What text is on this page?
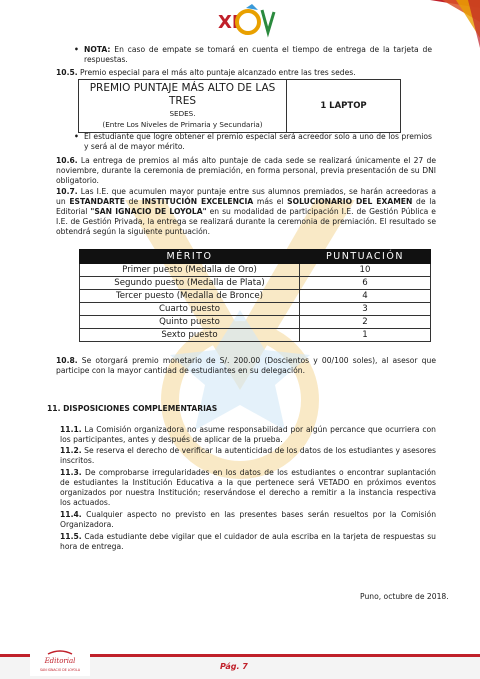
XI
• NOTA: En caso de empate se tomará en cuenta el tiempo de entrega de la tarjeta de respuestas.
10.5. Premio especial para el más alto puntaje alcanzado entre las tres sedes.
PREMIO PUNTAJE MÁS ALTO DE LAS TRES
SEDES.
(Entre Los Niveles de Primaria y Secundaria)
	1 LAPTOP
• El estudiante que logre obtener el premio especial será acreedor solo a uno de los premios y será al de mayor mérito.
10.6. La entrega de premios al más alto puntaje de cada sede se realizará únicamente el 27 de noviembre, durante la ceremonia de premiación, en forma personal, previa presentación de su DNI obligatorio.
10.7. Las I.E. que acumulen mayor puntaje entre sus alumnos premiados, se harán acreedoras a un ESTANDARTE de INSTITUCIÓN EXCELENCIA más el SOLUCIONARIO DEL EXAMEN de la Editorial "SAN IGNACIO DE LOYOLA" en su modalidad de participación I.E. de Gestión Pública e I.E. de Gestión Privada, la entrega se realizará durante la ceremonia de premiación. El resultado se obtendrá según la siguiente puntuación.
MÉRITO	PUNTUACIÓN
Primer puesto (Medalla de Oro)	10
Segundo puesto (Medalla de Plata)	6
Tercer puesto (Medalla de Bronce)	4
Cuarto puesto	3
Quinto puesto	2
Sexto puesto	1
10.8. Se otorgará premio monetario de S/. 200.00 (Doscientos y 00/100 soles), al asesor que participe con la mayor cantidad de estudiantes en su delegación.
11. DISPOSICIONES COMPLEMENTARIAS
11.1. La Comisión organizadora no asume responsabilidad por algún percance que ocurriera con los participantes, antes y después de aplicar de la prueba.
11.2. Se reserva el derecho de verificar la autenticidad de los datos de los estudiantes y asesores inscritos.
11.3. De comprobarse irregularidades en los datos de los estudiantes o encontrar suplantación de estudiantes la Institución Educativa a la que pertenece será VETADO en próximos eventos organizados por nuestra Institución; reservándose el derecho a remitir a la instancia respectiva los actuados.
11.4. Cualquier aspecto no previsto en las presentes bases serán resueltos por la Comisión Organizadora.
11.5. Cada estudiante debe vigilar que el cuidador de aula escriba en la tarjeta de respuestas su hora de entrega.
Puno, octubre de 2018.
Editorial
SAN IGNACIO DE LOYOLA	Pág. 7
